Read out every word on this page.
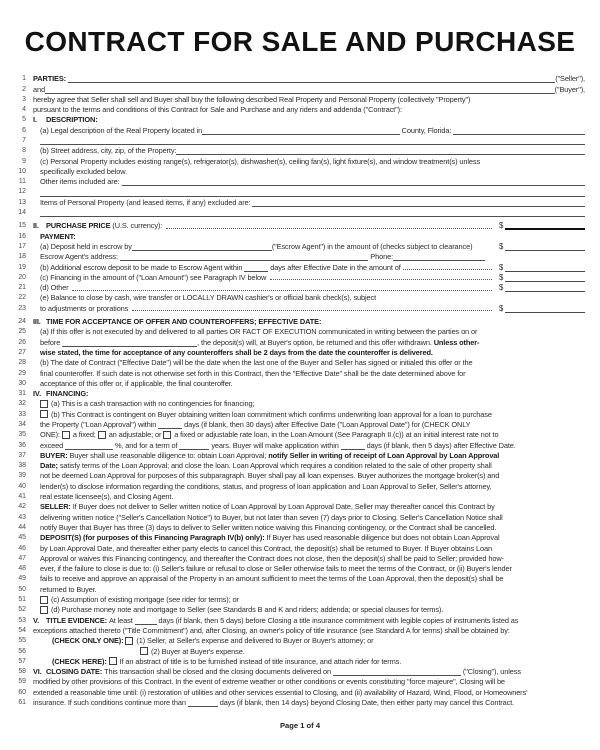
CONTRACT FOR SALE AND PURCHASE
1 PARTIES:	("Seller"),
2 and	("Buyer"),
3 hereby agree that Seller shall sell and Buyer shall buy the following described Real Property and Personal Property (collectively "Property")
4 pursuant to the terms and conditions of this Contract for Sale and Purchase and any riders and addenda ("Contract"):
5 I.	DESCRIPTION:
6 (a) Legal description of the Real Property located in	County, Florida:
7
8 (b) Street address, city, zip, of the Property:
9 (c) Personal Property includes existing range(s), refrigerator(s), dishwasher(s), ceiling fan(s), light fixture(s), and window treatment(s) unless
10 specifically excluded below.
11 Other items included are:
12
13 Items of Personal Property (and leased items, if any) excluded are:
14
15 II. PURCHASE PRICE (U.S. currency):	$
16 PAYMENT:
17 (a) Deposit held in escrow by	("Escrow Agent") in the amount of (checks subject to clearance)	$
18 Escrow Agent's address:	Phone:
19 (b) Additional escrow deposit to be made to Escrow Agent within	days after Effective Date in the amount of	$
20 (c) Financing in the amount of ("Loan Amount") see Paragraph IV below	$
21 (d) Other	$
22 (e) Balance to close by cash, wire transfer or LOCALLY DRAWN cashier's or official bank check(s), subject
23 to adjustments or prorations	$
24 III. TIME FOR ACCEPTANCE OF OFFER AND COUNTEROFFERS; EFFECTIVE DATE:
25 (a) If this offer is not executed by and delivered to all parties OR FACT OF EXECUTION communicated in writing between the parties on or
26 before	, the deposit(s) will, at Buyer's option, be returned and this offer withdrawn. Unless other-
27 wise stated, the time for acceptance of any counteroffers shall be 2 days from the date the counteroffer is delivered.
28 (b) The date of Contract ("Effective Date") will be the date when the last one of the Buyer and Seller has signed or initialed this offer or the
29 final counteroffer. If such date is not otherwise set forth in this Contract, then the "Effective Date" shall be the date determined above for
30 acceptance of this offer or, if applicable, the final counteroffer.
31 IV. FINANCING:
32	(a) This is a cash transaction with no contingencies for financing;
33	(b) This Contract is contingent on Buyer obtaining written loan commitment which confirms underwriting loan approval for a loan to purchase
34 the Property ("Loan Approval") within	days (if blank, then 30 days) after Effective Date ("Loan Approval Date") for (CHECK ONLY
35 ONE): a fixed; an adjustable; or a fixed or adjustable rate loan, in the Loan Amount (See Paragraph II.(c)) at an initial interest rate not to
36 exceed	%, and for a term of	years. Buyer will make application within	days (if blank, then 5 days) after Effective Date.
37 BUYER: Buyer shall use reasonable diligence to: obtain Loan Approval; notify Seller in writing of receipt of Loan Approval by Loan Approval
38 Date; satisfy terms of the Loan Approval; and close the loan. Loan Approval which requires a condition related to the sale of other property shall
39 not be deemed Loan Approval for purposes of this subparagraph. Buyer shall pay all loan expenses. Buyer authorizes the mortgage broker(s) and
40 lender(s) to disclose information regarding the conditions, status, and progress of loan application and Loan Approval to Seller, Seller's attorney,
41 real estate licensee(s), and Closing Agent.
42 SELLER: If Buyer does not deliver to Seller written notice of Loan Approval by Loan Approval Date, Seller may thereafter cancel this Contract by
43 delivering written notice ("Seller's Cancellation Notice") to Buyer, but not later than seven (7) days prior to Closing. Seller's Cancellation Notice shall
44 notify Buyer that Buyer has three (3) days to deliver to Seller written notice waiving this Financing contingency, or the Contract shall be cancelled.
45 DEPOSIT(S) (for purposes of this Financing Paragraph IV(b) only): If Buyer has used reasonable diligence but does not obtain Loan Approval
46 by Loan Approval Date, and thereafter either party elects to cancel this Contract, the deposit(s) shall be returned to Buyer. If Buyer obtains Loan
47 Approval or waives this Financing contingency, and thereafter the Contract does not close, then the deposit(s) shall be paid to Seller; provided how-
48 ever, if the failure to close is due to: (i) Seller's failure or refusal to close or Seller otherwise fails to meet the terms of the Contract, or (ii) Buyer's lender
49 fails to receive and approve an appraisal of the Property in an amount sufficient to meet the terms of the Loan Approval, then the deposit(s) shall be
50 returned to Buyer.
51	(c) Assumption of existing mortgage (see rider for terms); or
52	(d) Purchase money note and mortgage to Seller (see Standards B and K and riders; addenda; or special clauses for terms).
53 V. TITLE EVIDENCE: At least	days (if blank, then 5 days) before Closing a title insurance commitment with legible copies of instruments listed as
54 exceptions attached thereto ("Title Commitment") and, after Closing, an owner's policy of title insurance (see Standard A for terms) shall be obtained by:
55	(CHECK ONLY ONE): (1) Seller, at Seller's expense and delivered to Buyer or Buyer's attorney; or
56	(2) Buyer at Buyer's expense.
57	(CHECK HERE): If an abstract of title is to be furnished instead of title insurance, and attach rider for terms.
58 VI. CLOSING DATE: This transaction shall be closed and the closing documents delivered on	("Closing"), unless
59 modified by other provisions of this Contract. In the event of extreme weather or other conditions or events constituting "force majeure", Closing will be
60 extended a reasonable time until: (i) restoration of utilities and other services essential to Closing, and (ii) availability of Hazard, Wind, Flood, or Homeowners'
61 insurance. If such conditions continue more than	days (if blank, then 14 days) beyond Closing Date, then either party may cancel this Contract.
Page 1 of 4
